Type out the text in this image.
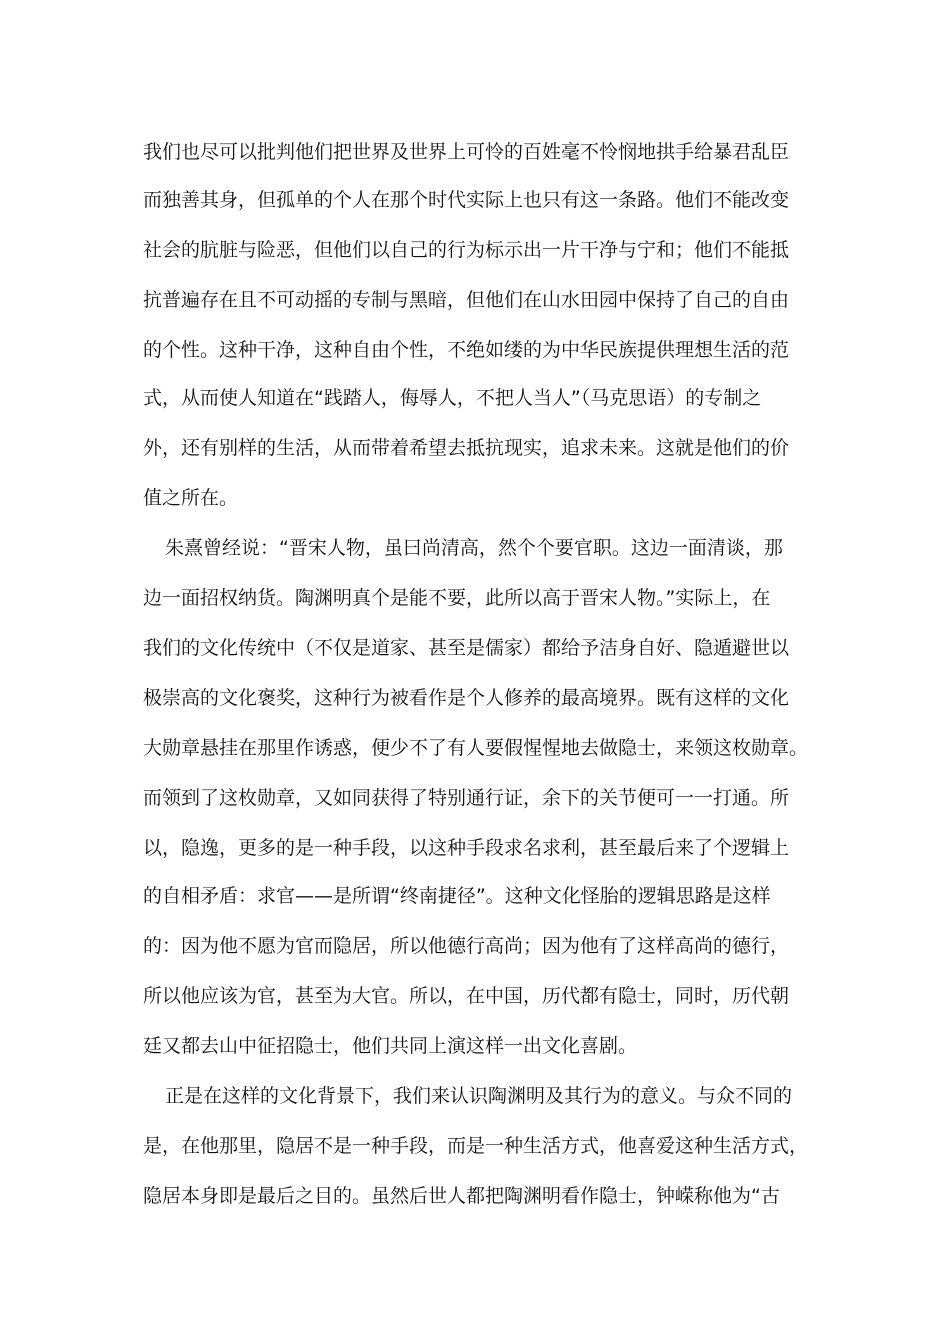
我们也尽可以批判他们把世界及世界上可怜的百姓毫不怜悯地拱手给暴君乱臣
而独善其身，但孤单的个人在那个时代实际上也只有这一条路。他们不能改变
社会的肮脏与险恶，但他们以自己的行为标示出一片干净与宁和；他们不能抵
抗普遍存在且不可动摇的专制与黑暗，但他们在山水田园中保持了自己的自由
的个性。这种干净，这种自由个性，不绝如缕的为中华民族提供理想生活的范
式，从而使人知道在“践踏人，侮辱人，不把人当人”（马克思语）的专制之
外，还有别样的生活，从而带着希望去抵抗现实，追求未来。这就是他们的价
值之所在。
朱熹曾经说：“晋宋人物，虽曰尚清高，然个个要官职。这边一面清谈，那
边一面招权纳货。陶渊明真个是能不要，此所以高于晋宋人物。”实际上，在
我们的文化传统中（不仅是道家、甚至是儒家）都给予洁身自好、隐遁避世以
极崇高的文化褒奖，这种行为被看作是个人修养的最高境界。既有这样的文化
大勋章悬挂在那里作诱惑，便少不了有人要假惺惺地去做隐士，来领这枚勋章。
而领到了这枚勋章，又如同获得了特别通行证，余下的关节便可一一打通。所
以，隐逸，更多的是一种手段，以这种手段求名求利，甚至最后来了个逻辑上
的自相矛盾：求官——是所谓“终南捷径”。这种文化怪胎的逻辑思路是这样
的：因为他不愿为官而隐居，所以他德行高尚；因为他有了这样高尚的德行，
所以他应该为官，甚至为大官。所以，在中国，历代都有隐士，同时，历代朝
廷又都去山中征招隐士，他们共同上演这样一出文化喜剧。
正是在这样的文化背景下，我们来认识陶渊明及其行为的意义。与众不同的
是，在他那里，隐居不是一种手段，而是一种生活方式，他喜爱这种生活方式，
隐居本身即是最后之目的。虽然后世人都把陶渊明看作隐士，钟嵘称他为“古
